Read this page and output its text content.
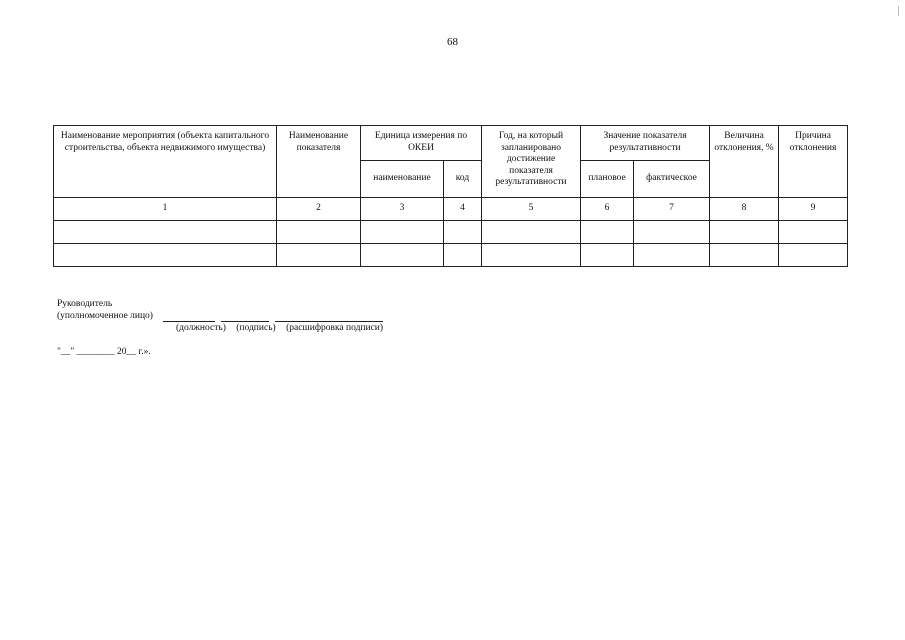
68
Наименование мероприятия (объекта капитального строительства, объекта недвижимого имущества)	Наименование показателя	Единица измерения по ОКЕИ		Год, на который запланировано достижение показателя результативности	Значение показателя результативности		Величина отклонения, %	Причина отклонения
		наименование	код		плановое	фактическое		
1	2	3	4	5	6	7	8	9

Руководитель
(уполномоченное лицо)
(должность) (подпись) (расшифровка подписи)
"__" ________ 20__ г.».
